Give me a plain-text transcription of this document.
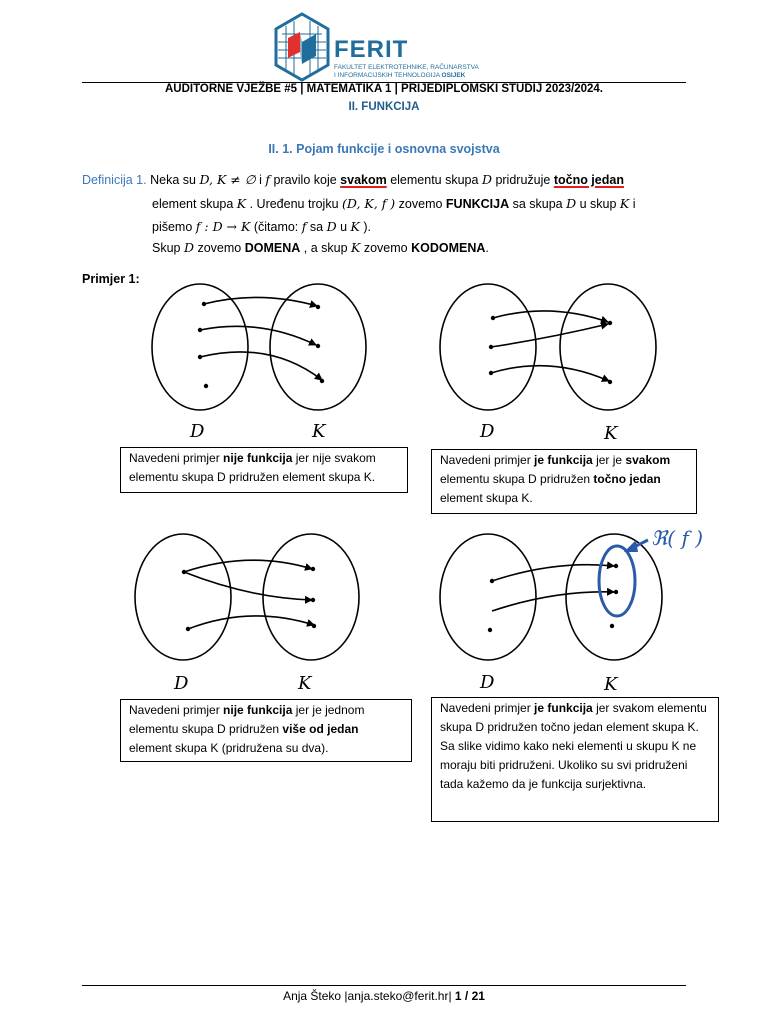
FERIT
FAKULTET ELEKTROTEHNIKE, RAČUNARSTVA
I INFORMACIJSKIH TEHNOLOGIJA OSIJEK
AUDITORNE VJEŽBE #5 | MATEMATIKA 1 | PRIJEDIPLOMSKI STUDIJ 2023/2024.
II. FUNKCIJA
II. 1. Pojam funkcije i osnovna svojstva
Definicija 1. Neka su D, K ≠ ∅ i f pravilo koje svakom elementu skupa D pridružuje točno jedan
element skupa K . Uređenu trojku (D, K, f ) zovemo FUNKCIJA sa skupa D u skup K i
pišemo f : D → K (čitamo: f sa D u K ).
Skup D zovemo DOMENA , a skup K zovemo KODOMENA.
Primjer 1:
D	K	D	K
D	K	D	K
ℜ( f )
Navedeni primjer nije funkcija jer nije svakom elementu skupa D pridružen element skupa K.
Navedeni primjer je funkcija jer je svakom elementu skupa D pridružen točno jedan element skupa K.
Navedeni primjer nije funkcija jer je jednom elementu skupa D pridružen više od jedan element skupa K (pridružena su dva).
Navedeni primjer je funkcija jer svakom elementu skupa D pridružen točno jedan element skupa K. Sa slike vidimo kako neki elementi u skupu K ne moraju biti pridruženi. Ukoliko su svi pridruženi tada kažemo da je funkcija surjektivna.
Anja Šteko |anja.steko@ferit.hr| 1 / 21
